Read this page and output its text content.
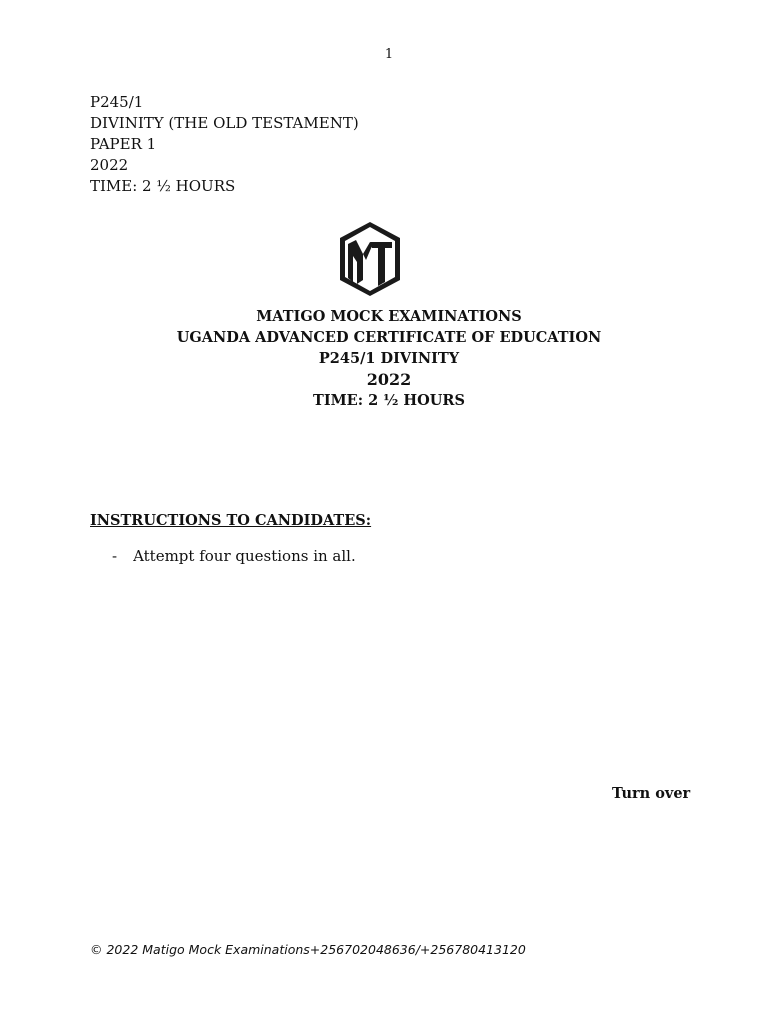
1
P245/1
DIVINITY (THE OLD TESTAMENT)
PAPER 1
2022
TIME: 2 ½ HOURS
MATIGO MOCK EXAMINATIONS
UGANDA ADVANCED CERTIFICATE OF EDUCATION
P245/1 DIVINITY
2022
TIME: 2 ½ HOURS
INSTRUCTIONS TO CANDIDATES:
- Attempt four questions in all.
Turn over
© 2022 Matigo Mock Examinations+256702048636/+256780413120
